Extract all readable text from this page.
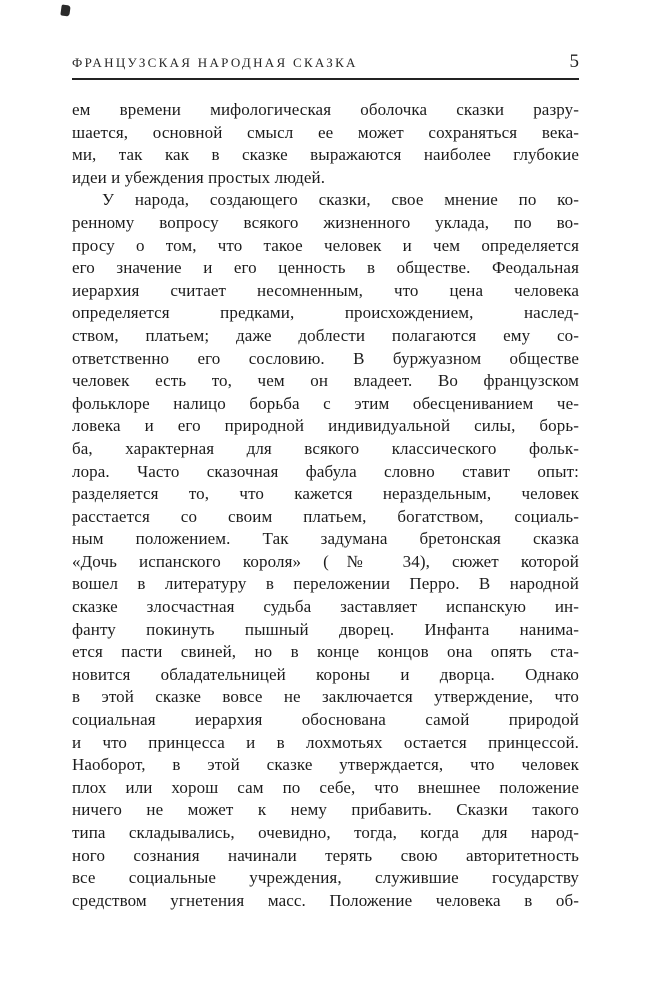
ФРАНЦУЗСКАЯ НАРОДНАЯ СКАЗКА	5
ем времени мифологическая оболочка сказки разру-
шается, основной смысл ее может сохраняться века-
ми, так как в сказке выражаются наиболее глубокие
идеи и убеждения простых людей.
У народа, создающего сказки, свое мнение по ко-
ренному вопросу всякого жизненного уклада, по во-
просу о том, что такое человек и чем определяется
его значение и его ценность в обществе. Феодальная
иерархия считает несомненным, что цена человека
определяется предками, происхождением, наслед-
ством, платьем; даже доблести полагаются ему со-
ответственно его сословию. В буржуазном обществе
человек есть то, чем он владеет. Во французском
фольклоре налицо борьба с этим обесцениванием че-
ловека и его природной индивидуальной силы, борь-
ба, характерная для всякого классического фольк-
лора. Часто сказочная фабула словно ставит опыт:
разделяется то, что кажется нераздельным, человек
расстается со своим платьем, богатством, социаль-
ным положением. Так задумана бретонская сказка
«Дочь испанского короля» (№ 34), сюжет которой
вошел в литературу в переложении Перро. В народной
сказке злосчастная судьба заставляет испанскую ин-
фанту покинуть пышный дворец. Инфанта нанима-
ется пасти свиней, но в конце концов она опять ста-
новится обладательницей короны и дворца. Однако
в этой сказке вовсе не заключается утверждение, что
социальная иерархия обоснована самой природой
и что принцесса и в лохмотьях остается принцессой.
Наоборот, в этой сказке утверждается, что человек
плох или хорош сам по себе, что внешнее положение
ничего не может к нему прибавить. Сказки такого
типа складывались, очевидно, тогда, когда для народ-
ного сознания начинали терять свою авторитетность
все социальные учреждения, служившие государству
средством угнетения масс. Положение человека в об-
